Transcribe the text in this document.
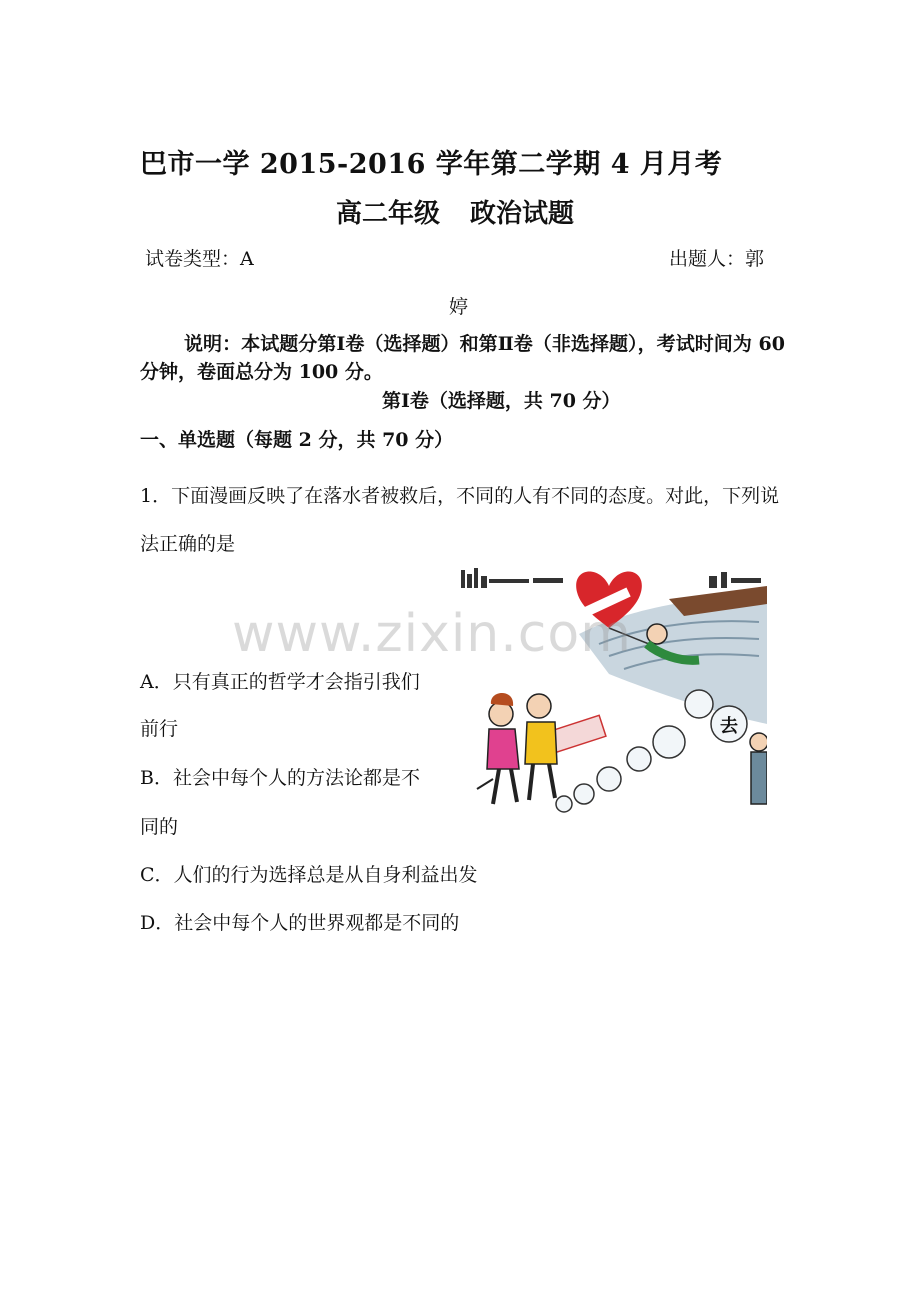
巴市一学 2015-2016 学年第二学期 4 月月考
高二年级 政治试题
试卷类型：A	出题人：郭
婷
说明：本试题分第Ⅰ卷（选择题）和第Ⅱ卷（非选择题），考试时间为 60 分钟，卷面总分为 100 分。
第Ⅰ卷（选择题，共 70 分）
一、单选题（每题 2 分，共 70 分）
1．下面漫画反映了在落水者被救后，不同的人有不同的态度。对此，下列说法正确的是
去
www.zixin.com
A．只有真正的哲学才会指引我们
前行
B．社会中每个人的方法论都是不
同的
C．人们的行为选择总是从自身利益出发
D．社会中每个人的世界观都是不同的
